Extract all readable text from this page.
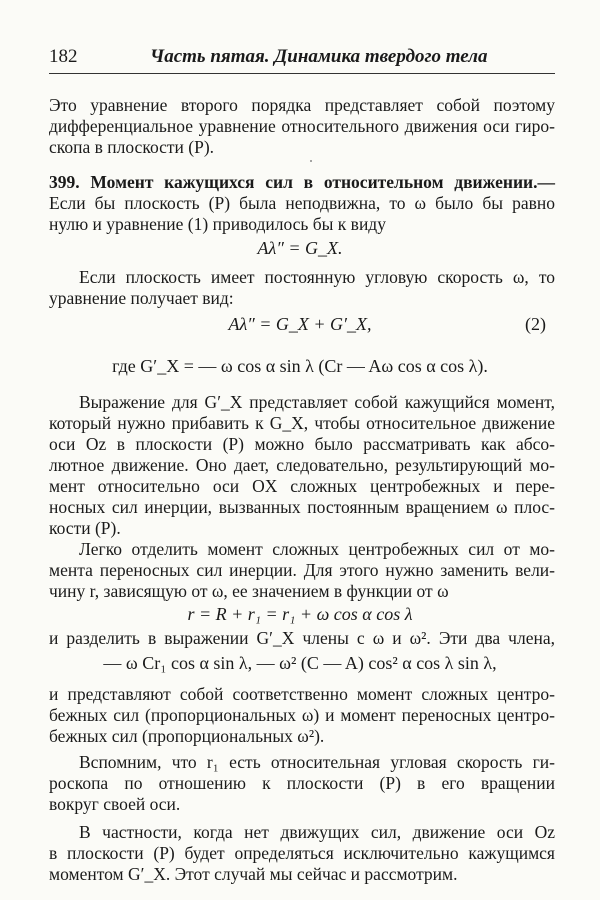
182	Часть пятая. Динамика твердого тела
Это уравнение второго порядка представляет собой поэтому
дифференциальное уравнение относительного движения оси гиро-
скопа в плоскости (P).
399. Момент кажущихся сил в относительном движении.—
Если бы плоскость (P) была неподвижна, то ω было бы равно
нулю и уравнение (1) приводилось бы к виду
Aλ″ = G_X.
Если плоскость имеет постоянную угловую скорость ω, то
уравнение получает вид:
Aλ″ = G_X + G′_X,	(2)
где G′_X = — ω cos α sin λ (Cr — Aω cos α cos λ).
Выражение для G′_X представляет собой кажущийся момент,
который нужно прибавить к G_X, чтобы относительное движение
оси Oz в плоскости (P) можно было рассматривать как абсо-
лютное движение. Оно дает, следовательно, результирующий мо-
мент относительно оси OX сложных центробежных и пере-
носных сил инерции, вызванных постоянным вращением ω плос-
кости (P).
Легко отделить момент сложных центробежных сил от мо-
мента переносных сил инерции. Для этого нужно заменить вели-
чину r, зависящую от ω, ее значением в функции от ω
r = R + r₁ = r₁ + ω cos α cos λ
и разделить в выражении G′_X члены с ω и ω². Эти два члена,
— ω Cr₁ cos α sin λ, — ω² (C — A) cos² α cos λ sin λ,
и представляют собой соответственно момент сложных центро-
бежных сил (пропорциональных ω) и момент переносных центро-
бежных сил (пропорциональных ω²).
Вспомним, что r₁ есть относительная угловая скорость ги-
роскопа по отношению к плоскости (P) в его вращении
вокруг своей оси.
В частности, когда нет движущих сил, движение оси Oz
в плоскости (P) будет определяться исключительно кажущимся
моментом G′_X. Этот случай мы сейчас и рассмотрим.
